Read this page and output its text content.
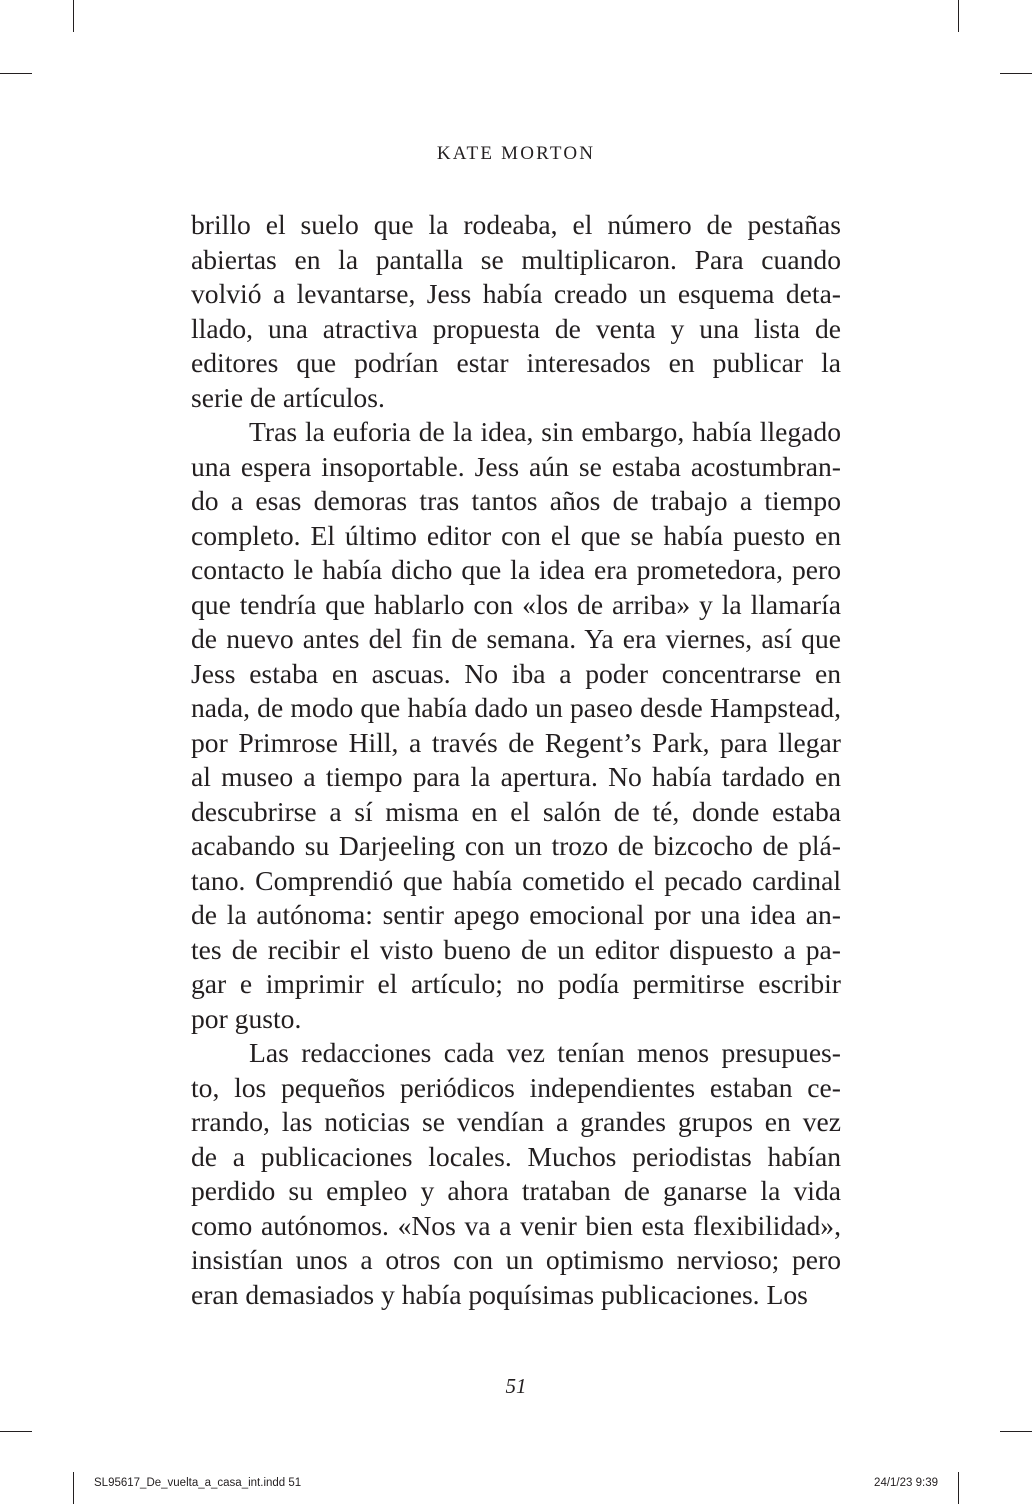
KATE MORTON
brillo el suelo que la rodeaba, el número de pestañas
abiertas en la pantalla se multiplicaron. Para cuando
volvió a levantarse, Jess había creado un esquema deta-
llado, una atractiva propuesta de venta y una lista de
editores que podrían estar interesados en publicar la
serie de artículos.
Tras la euforia de la idea, sin embargo, había llegado
una espera insoportable. Jess aún se estaba acostumbran-
do a esas demoras tras tantos años de trabajo a tiempo
completo. El último editor con el que se había puesto en
contacto le había dicho que la idea era prometedora, pero
que tendría que hablarlo con «los de arriba» y la llamaría
de nuevo antes del fin de semana. Ya era viernes, así que
Jess estaba en ascuas. No iba a poder concentrarse en
nada, de modo que había dado un paseo desde Hampstead,
por Primrose Hill, a través de Regent’s Park, para llegar
al museo a tiempo para la apertura. No había tardado en
descubrirse a sí misma en el salón de té, donde estaba
acabando su Darjeeling con un trozo de bizcocho de plá-
tano. Comprendió que había cometido el pecado cardinal
de la autónoma: sentir apego emocional por una idea an-
tes de recibir el visto bueno de un editor dispuesto a pa-
gar e imprimir el artículo; no podía permitirse escribir
por gusto.
Las redacciones cada vez tenían menos presupues-
to, los pequeños periódicos independientes estaban ce-
rrando, las noticias se vendían a grandes grupos en vez
de a publicaciones locales. Muchos periodistas habían
perdido su empleo y ahora trataban de ganarse la vida
como autónomos. «Nos va a venir bien esta flexibilidad»,
insistían unos a otros con un optimismo nervioso; pero
eran demasiados y había poquísimas publicaciones. Los
51
SL95617_De_vuelta_a_casa_int.indd 51	24/1/23 9:39
